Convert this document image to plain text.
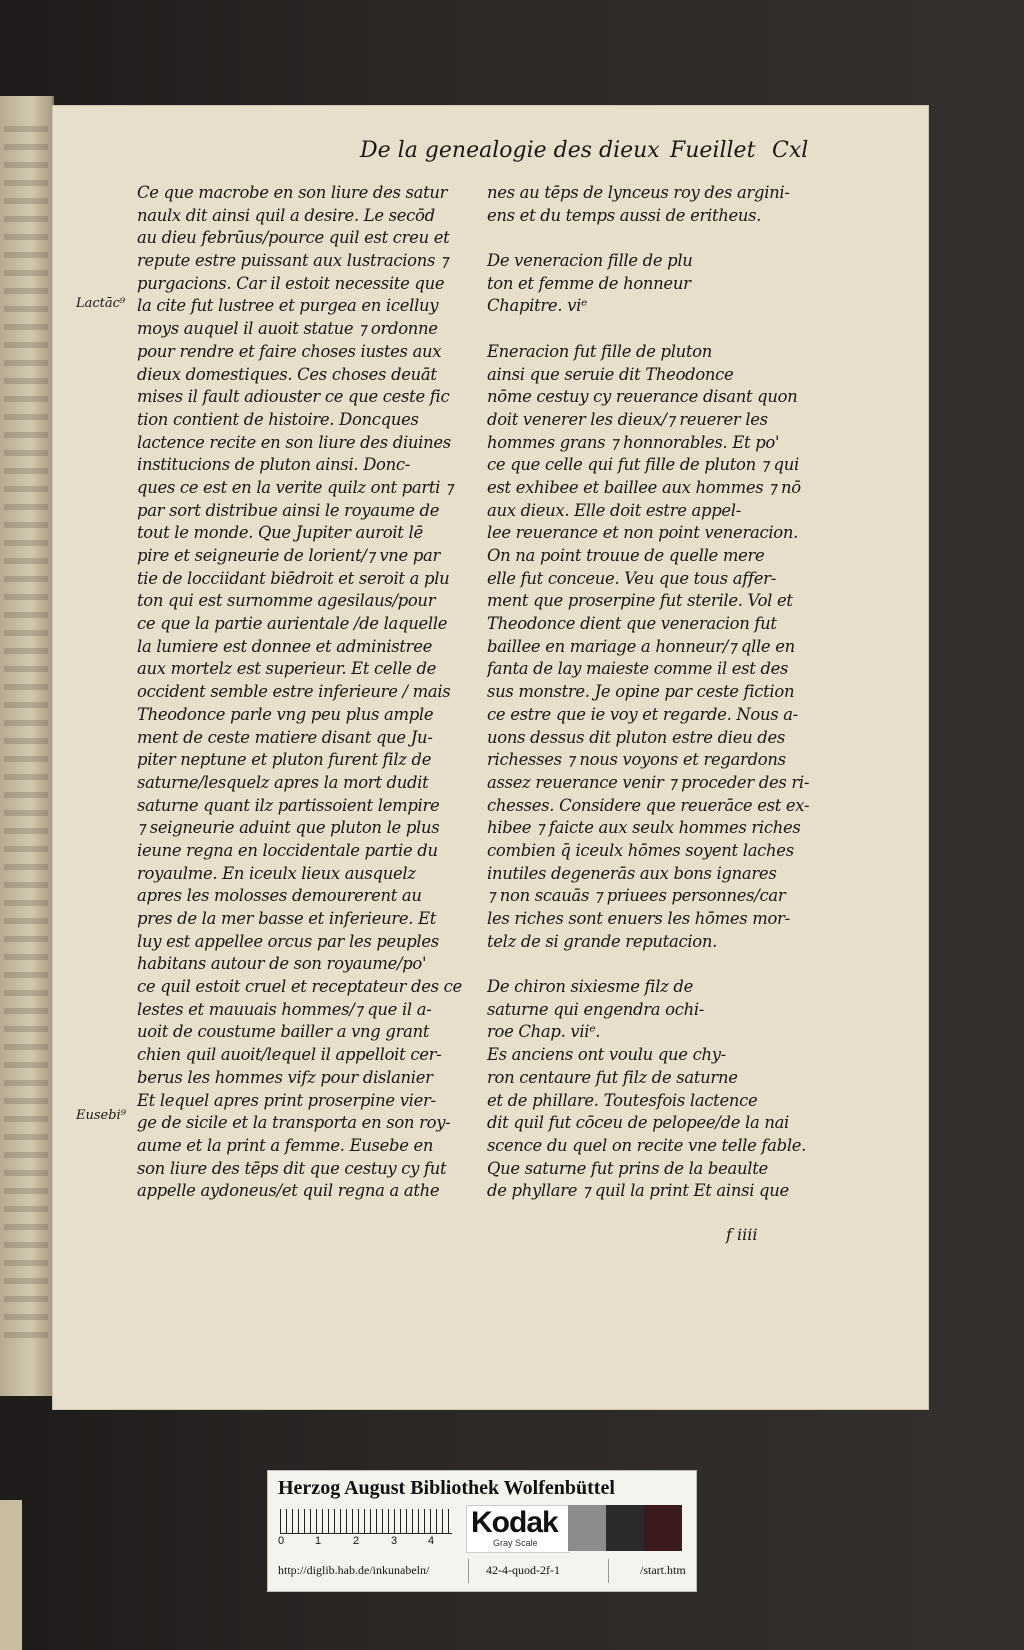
De la genealogie des dieux Fueillet Cxl
Lactāc⁹
Eusebi⁹
Ce que macrobe en son liure des satur
naulx dit ainsi quil a desire. Le secōd
au dieu febrūus/pource quil est creu et
repute estre puissant aux lustracions ⁊
purgacions. Car il estoit necessite que
la cite fut lustree et purgea en icelluy
moys auquel il auoit statue ⁊ ordonne
pour rendre et faire choses iustes aux
dieux domestiques. Ces choses deuāt
mises il fault adiouster ce que ceste fic
tion contient de histoire. Doncques
lactence recite en son liure des diuines
institucions de pluton ainsi. Donc-
ques ce est en la verite quilz ont parti ⁊
par sort distribue ainsi le royaume de
tout le monde. Que Jupiter auroit lē
pire et seigneurie de lorient/⁊ vne par
tie de locciidant biēdroit et seroit a plu
ton qui est surnomme agesilaus/pour
ce que la partie aurientale /de laquelle
la lumiere est donnee et administree
aux mortelz est superieur. Et celle de
occident semble estre inferieure / mais
Theodonce parle vng peu plus ample
ment de ceste matiere disant que Ju-
piter neptune et pluton furent filz de
saturne/lesquelz apres la mort dudit
saturne quant ilz partissoient lempire
⁊ seigneurie aduint que pluton le plus
ieune regna en loccidentale partie du
royaulme. En iceulx lieux ausquelz
apres les molosses demourerent au
pres de la mer basse et inferieure. Et
luy est appellee orcus par les peuples
habitans autour de son royaume/po'
ce quil estoit cruel et receptateur des ce
lestes et mauuais hommes/⁊ que il a-
uoit de coustume bailler a vng grant
chien quil auoit/lequel il appelloit cer-
berus les hommes vifz pour dislanier
Et lequel apres print proserpine vier-
ge de sicile et la transporta en son roy-
aume et la print a femme. Eusebe en
son liure des tēps dit que cestuy cy fut
appelle aydoneus/et quil regna a athe
nes au tēps de lynceus roy des argini-
ens et du temps aussi de eritheus.
De veneracion fille de plu
ton et femme de honneur
Chapitre. viᵉ
Eneracion fut fille de pluton
ainsi que seruie dit Theodonce
nōme cestuy cy reuerance disant quon
doit venerer les dieux/⁊ reuerer les
hommes grans ⁊ honnorables. Et po'
ce que celle qui fut fille de pluton ⁊ qui
est exhibee et baillee aux hommes ⁊ nō
aux dieux. Elle doit estre appel-
lee reuerance et non point veneracion.
On na point trouue de quelle mere
elle fut conceue. Veu que tous affer-
ment que proserpine fut sterile. Vol et
Theodonce dient que veneracion fut
baillee en mariage a honneur/⁊ qlle en
fanta de lay maieste comme il est des
sus monstre. Je opine par ceste fiction
ce estre que ie voy et regarde. Nous a-
uons dessus dit pluton estre dieu des
richesses ⁊ nous voyons et regardons
assez reuerance venir ⁊ proceder des ri-
chesses. Considere que reuerāce est ex-
hibee ⁊ faicte aux seulx hommes riches
combien q̄ iceulx hōmes soyent laches
inutiles degenerās aux bons ignares
⁊ non scauās ⁊ priuees personnes/car
les riches sont enuers les hōmes mor-
telz de si grande reputacion.
De chiron sixiesme filz de
saturne qui engendra ochi-
roe Chap. viiᵉ.
Es anciens ont voulu que chy-
ron centaure fut filz de saturne
et de phillare. Toutesfois lactence
dit quil fut cōceu de pelopee/de la nai
scence du quel on recite vne telle fable.
Que saturne fut prins de la beaulte
de phyllare ⁊ quil la print Et ainsi que
f iiii
Herzog August Bibliothek Wolfenbüttel
0	1	2	3	4
Kodak
Gray Scale
http://diglib.hab.de/inkunabeln/	42-4-quod-2f-1	/start.htm
